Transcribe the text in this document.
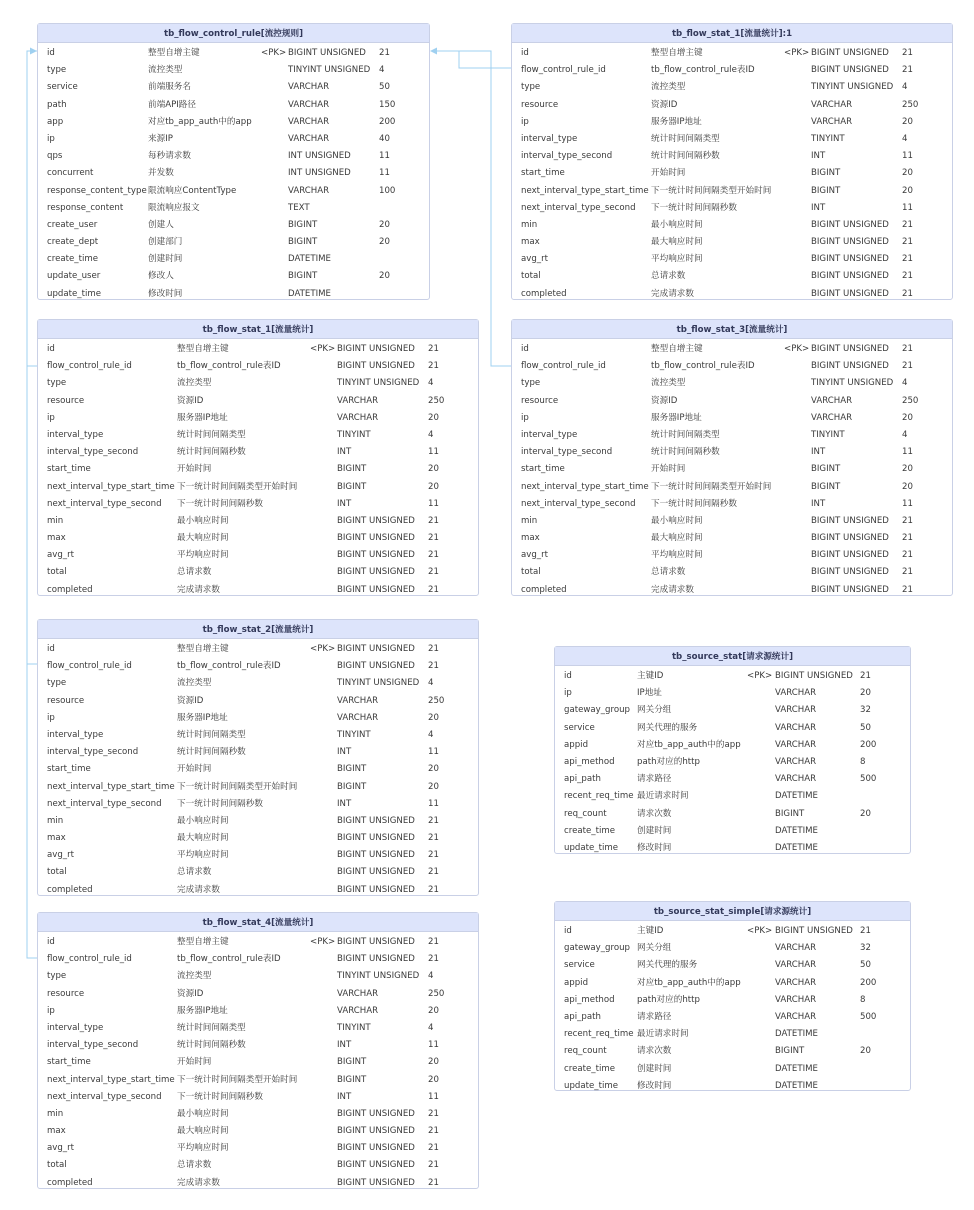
tb_flow_control_rule[流控规则]
id	整型自增主键	<PK> BIGINT UNSIGNED 21
type	流控类型	TINYINT UNSIGNED 4
service	前端服务名	VARCHAR	50
path	前端API路径	VARCHAR	150
app	对应tb_app_auth中的app	VARCHAR	200
ip	来源IP	VARCHAR	40
qps	每秒请求数	INT UNSIGNED	11
concurrent	并发数	INT UNSIGNED	11
response_content_type 限流响应ContentType	VARCHAR	100
response_content	限流响应报文	TEXT
create_user	创建人	BIGINT	20
create_dept	创建部门	BIGINT	20
create_time	创建时间	DATETIME
update_user	修改人	BIGINT	20
update_time	修改时间	DATETIME
tb_flow_stat_1[流量统计]:1
id	整型自增主键	<PK> BIGINT UNSIGNED 21
flow_control_rule_id	tb_flow_control_rule表ID	BIGINT UNSIGNED 21
type	流控类型	TINYINT UNSIGNED 4
resource	资源ID	VARCHAR	250
ip	服务器IP地址	VARCHAR	20
interval_type	统计时间间隔类型	TINYINT	4
interval_type_second	统计时间间隔秒数	INT	11
start_time	开始时间	BIGINT	20
next_interval_type_start_time 下一统计时间间隔类型开始时间	BIGINT	20
next_interval_type_second 下一统计时间间隔秒数	INT	11
min	最小响应时间	BIGINT UNSIGNED 21
max	最大响应时间	BIGINT UNSIGNED 21
avg_rt	平均响应时间	BIGINT UNSIGNED 21
total	总请求数	BIGINT UNSIGNED 21
completed	完成请求数	BIGINT UNSIGNED 21
tb_flow_stat_1[流量统计]
id	整型自增主键	<PK> BIGINT UNSIGNED 21
flow_control_rule_id	tb_flow_control_rule表ID	BIGINT UNSIGNED 21
type	流控类型	TINYINT UNSIGNED 4
resource	资源ID	VARCHAR	250
ip	服务器IP地址	VARCHAR	20
interval_type	统计时间间隔类型	TINYINT	4
interval_type_second	统计时间间隔秒数	INT	11
start_time	开始时间	BIGINT	20
next_interval_type_start_time 下一统计时间间隔类型开始时间	BIGINT	20
next_interval_type_second 下一统计时间间隔秒数	INT	11
min	最小响应时间	BIGINT UNSIGNED 21
max	最大响应时间	BIGINT UNSIGNED 21
avg_rt	平均响应时间	BIGINT UNSIGNED 21
total	总请求数	BIGINT UNSIGNED 21
completed	完成请求数	BIGINT UNSIGNED 21
tb_flow_stat_3[流量统计]
id	整型自增主键	<PK> BIGINT UNSIGNED 21
flow_control_rule_id	tb_flow_control_rule表ID	BIGINT UNSIGNED 21
type	流控类型	TINYINT UNSIGNED 4
resource	资源ID	VARCHAR	250
ip	服务器IP地址	VARCHAR	20
interval_type	统计时间间隔类型	TINYINT	4
interval_type_second	统计时间间隔秒数	INT	11
start_time	开始时间	BIGINT	20
next_interval_type_start_time 下一统计时间间隔类型开始时间	BIGINT	20
next_interval_type_second 下一统计时间间隔秒数	INT	11
min	最小响应时间	BIGINT UNSIGNED 21
max	最大响应时间	BIGINT UNSIGNED 21
avg_rt	平均响应时间	BIGINT UNSIGNED 21
total	总请求数	BIGINT UNSIGNED 21
completed	完成请求数	BIGINT UNSIGNED 21
tb_flow_stat_2[流量统计]
id	整型自增主键	<PK> BIGINT UNSIGNED 21
flow_control_rule_id	tb_flow_control_rule表ID	BIGINT UNSIGNED 21
type	流控类型	TINYINT UNSIGNED 4
resource	资源ID	VARCHAR	250
ip	服务器IP地址	VARCHAR	20
interval_type	统计时间间隔类型	TINYINT	4
interval_type_second	统计时间间隔秒数	INT	11
start_time	开始时间	BIGINT	20
next_interval_type_start_time 下一统计时间间隔类型开始时间	BIGINT	20
next_interval_type_second 下一统计时间间隔秒数	INT	11
min	最小响应时间	BIGINT UNSIGNED 21
max	最大响应时间	BIGINT UNSIGNED 21
avg_rt	平均响应时间	BIGINT UNSIGNED 21
total	总请求数	BIGINT UNSIGNED 21
completed	完成请求数	BIGINT UNSIGNED 21
tb_flow_stat_4[流量统计]
id	整型自增主键	<PK> BIGINT UNSIGNED 21
flow_control_rule_id	tb_flow_control_rule表ID	BIGINT UNSIGNED 21
type	流控类型	TINYINT UNSIGNED 4
resource	资源ID	VARCHAR	250
ip	服务器IP地址	VARCHAR	20
interval_type	统计时间间隔类型	TINYINT	4
interval_type_second	统计时间间隔秒数	INT	11
start_time	开始时间	BIGINT	20
next_interval_type_start_time 下一统计时间间隔类型开始时间	BIGINT	20
next_interval_type_second 下一统计时间间隔秒数	INT	11
min	最小响应时间	BIGINT UNSIGNED 21
max	最大响应时间	BIGINT UNSIGNED 21
avg_rt	平均响应时间	BIGINT UNSIGNED 21
total	总请求数	BIGINT UNSIGNED 21
completed	完成请求数	BIGINT UNSIGNED 21
tb_source_stat[请求源统计]
id	主键ID	<PK> BIGINT UNSIGNED 21
ip	IP地址	VARCHAR	20
gateway_group 网关分组	VARCHAR	32
service	网关代理的服务	VARCHAR	50
appid	对应tb_app_auth中的app	VARCHAR	200
api_method	path对应的http	VARCHAR	8
api_path	请求路径	VARCHAR	500
recent_req_time 最近请求时间	DATETIME
req_count	请求次数	BIGINT	20
create_time	创建时间	DATETIME
update_time 修改时间	DATETIME
tb_source_stat_simple[请求源统计]
id	主键ID	<PK> BIGINT UNSIGNED 21
gateway_group 网关分组	VARCHAR	32
service	网关代理的服务	VARCHAR	50
appid	对应tb_app_auth中的app	VARCHAR	200
api_method	path对应的http	VARCHAR	8
api_path	请求路径	VARCHAR	500
recent_req_time 最近请求时间	DATETIME
req_count	请求次数	BIGINT	20
create_time	创建时间	DATETIME
update_time 修改时间	DATETIME
